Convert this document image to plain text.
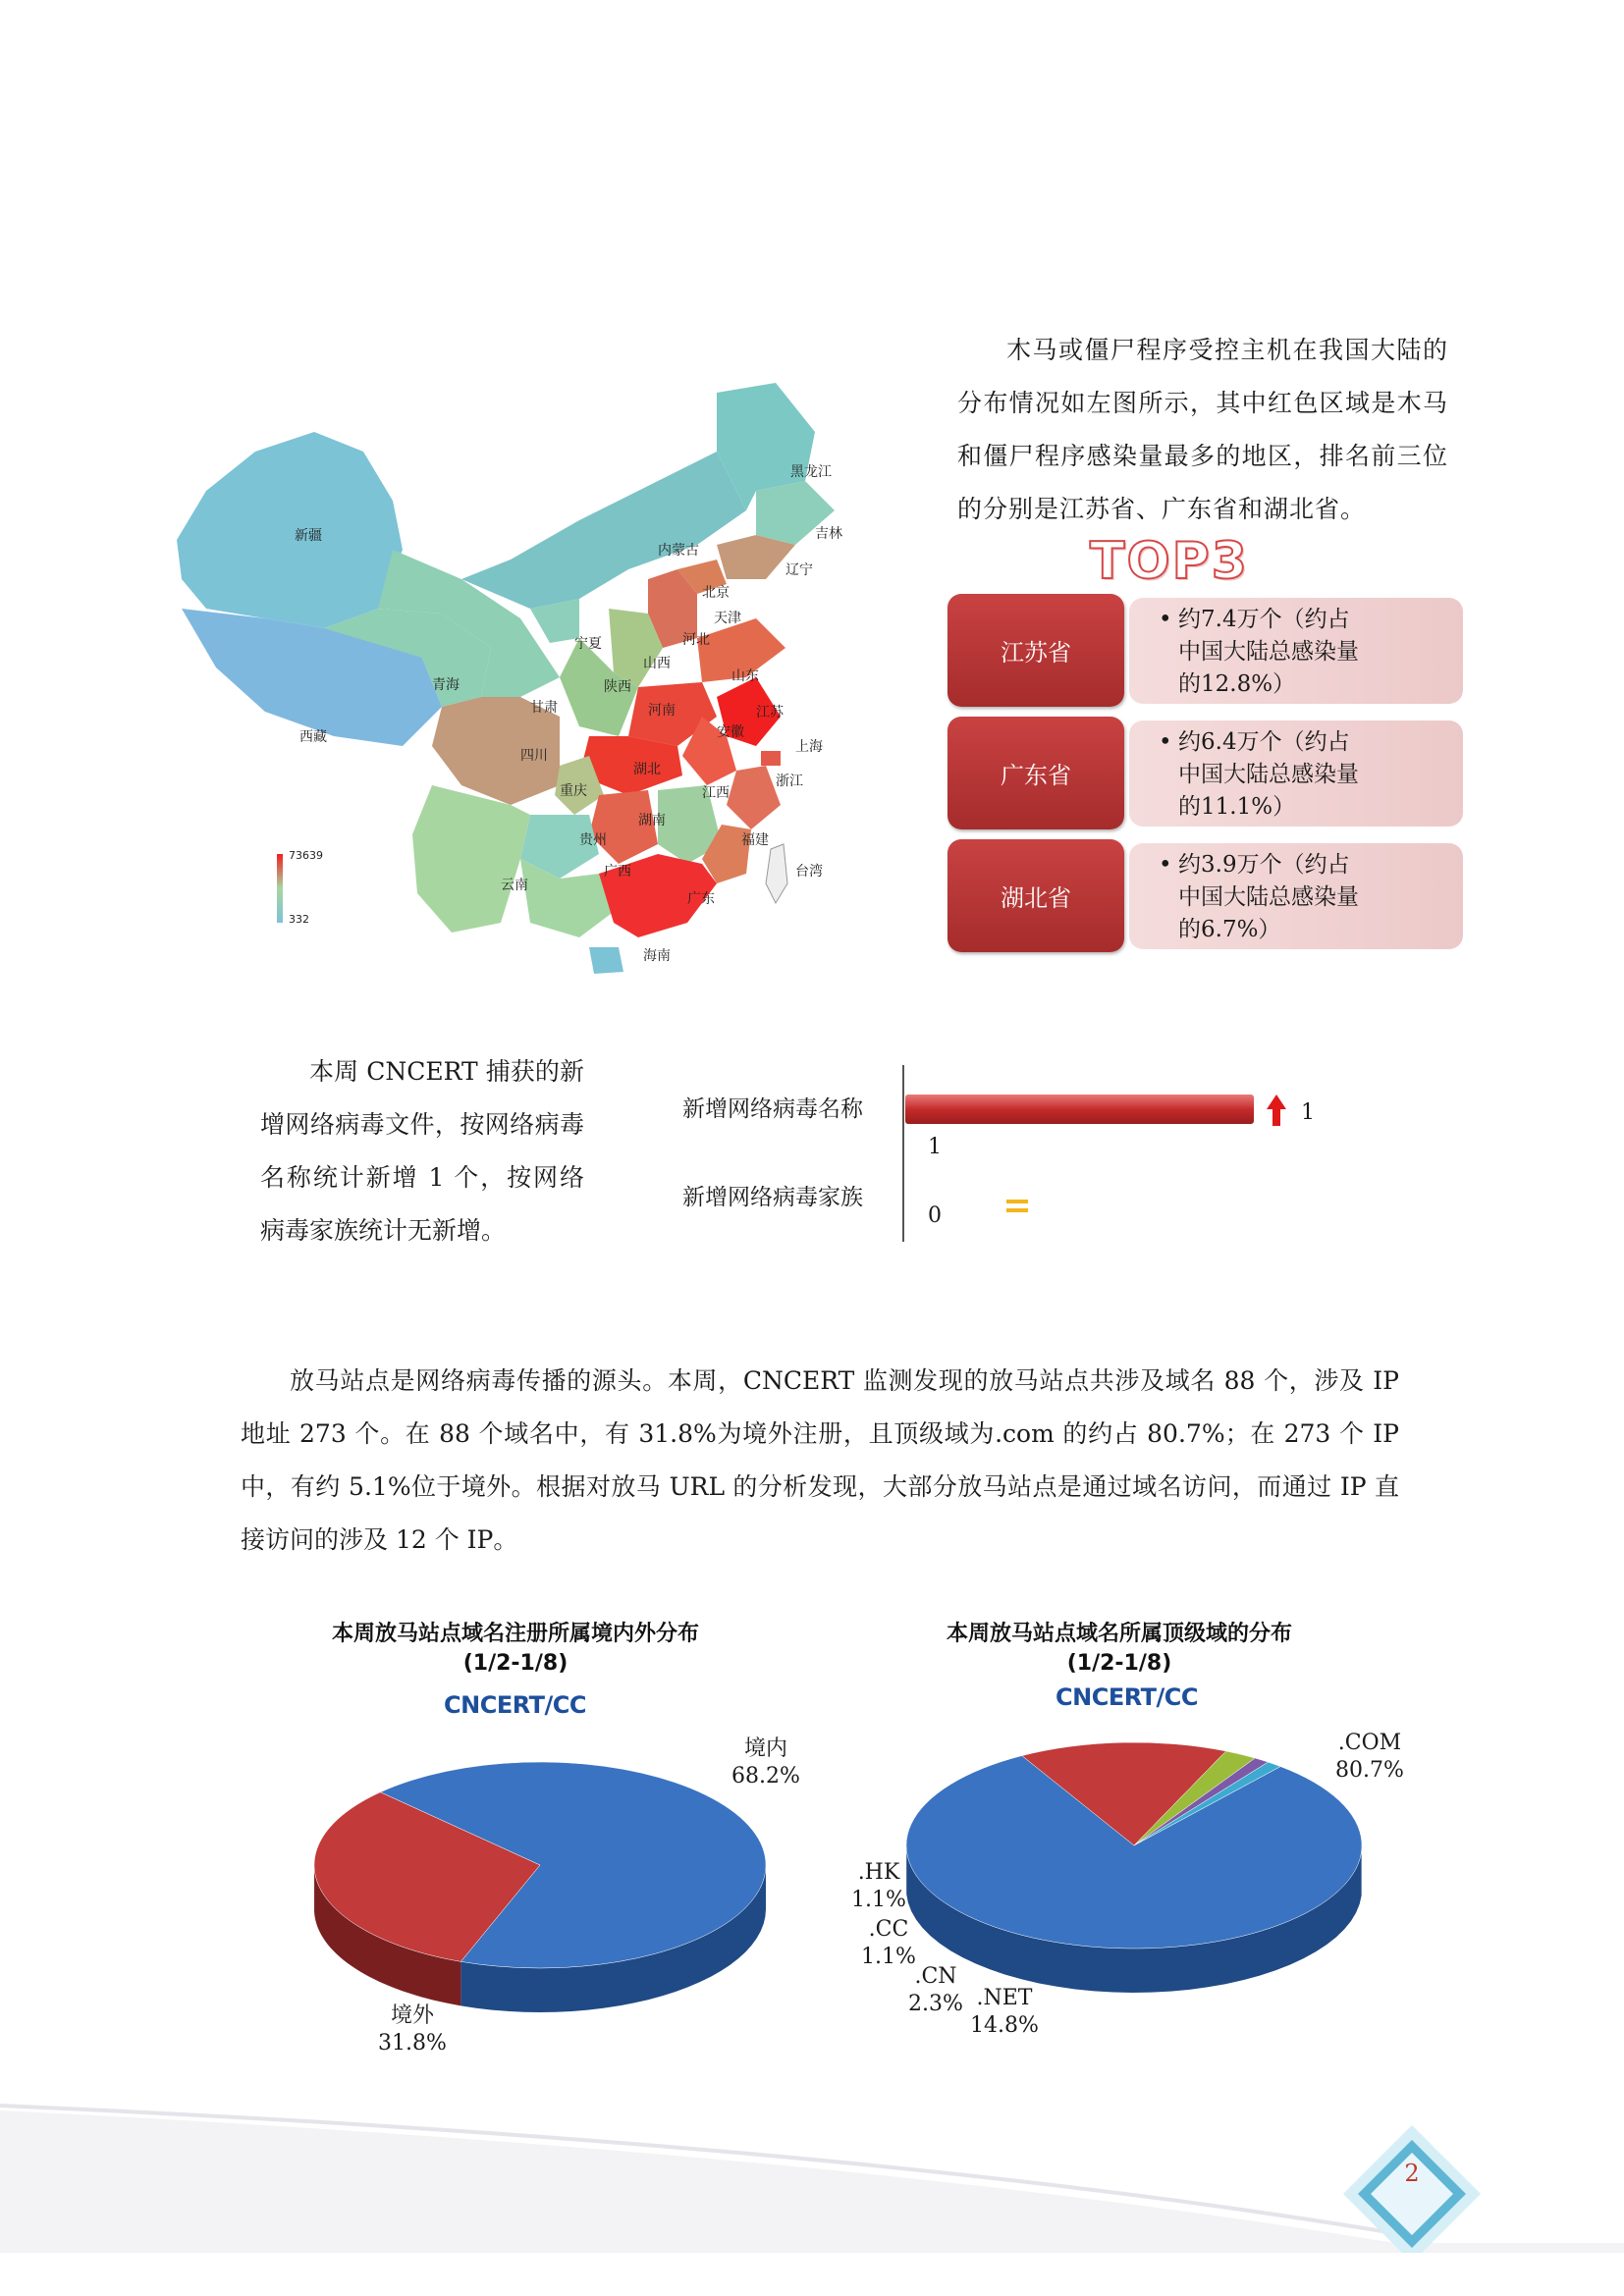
新疆
西藏
青海
甘肃
宁夏
内蒙古
黑龙江
吉林
辽宁
北京
天津
河北
山西
陕西
山东
河南	江苏
安徽
上海
湖北
四川
重庆
浙江
湖南
江西
贵州	福建
云南
广西
广东
台湾
海南
73639
332

木马或僵尸程序受控主机在我国大陆的分布情况如左图所示，其中红色区域是木马和僵尸程序感染量最多的地区，排名前三位的分别是江苏省、广东省和湖北省。

TOP3
江苏省
• 约7.4万个（约占
中国大陆总感染量
的12.8%）
广东省
• 约6.4万个（约占
中国大陆总感染量
的11.1%）
湖北省
• 约3.9万个（约占
中国大陆总感染量
的6.7%）

本周 CNCERT 捕获的新增网络病毒文件，按网络病毒名称统计新增 1 个，按网络病毒家族统计无新增。

新增网络病毒名称
新增网络病毒家族
1
1
0

放马站点是网络病毒传播的源头。本周，CNCERT 监测发现的放马站点共涉及域名 88 个，涉及 IP 地址 273 个。在 88 个域名中，有 31.8%为境外注册，且顶级域为.com 的约占 80.7%；在 273 个 IP 中，有约 5.1%位于境外。根据对放马 URL 的分析发现，大部分放马站点是通过域名访问，而通过 IP 直接访问的涉及 12 个 IP。

本周放马站点域名注册所属境内外分布
(1/2-1/8)
CNCERT/CC
境内
68.2%
境外
31.8%
本周放马站点域名所属顶级域的分布
(1/2-1/8)
CNCERT/CC
.COM
80.7%
.NET
14.8%
.CN
2.3%
.CC
1.1%
.HK
1.1%
2
